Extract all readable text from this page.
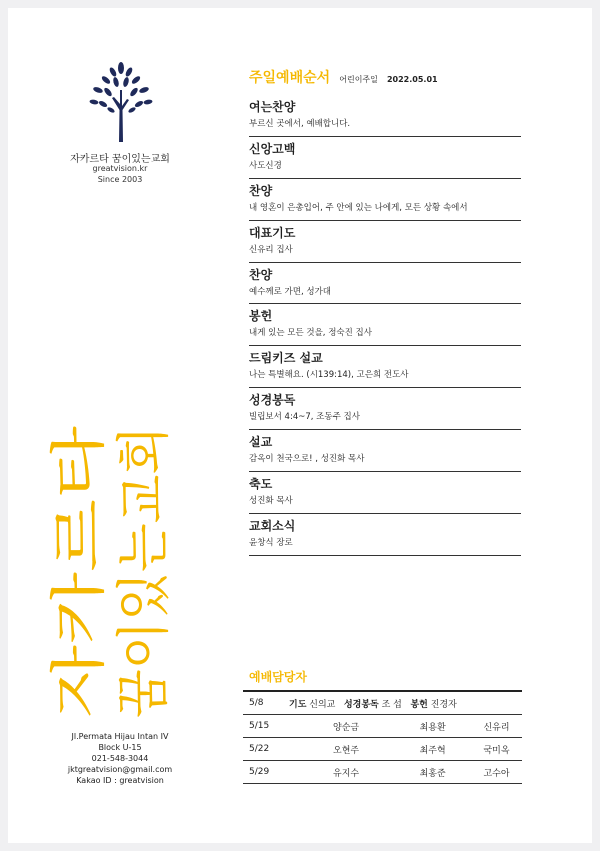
자카르타 꿈이있는교회
greatvision.kr
Since 2003
자카르타 꿈이있는교회
Jl.Permata Hijau Intan IV
Block U-15
021-548-3044
jktgreatvision@gmail.com
Kakao ID : greatvision
주일예배순서 어린이주일 2022.05.01
여는찬양
부르신 곳에서, 예배합니다.
신앙고백
사도신경
찬양
내 영혼이 은총입어, 주 안에 있는 나에게, 모든 상황 속에서
대표기도
신유리 집사
찬양
예수께로 가면, 성가대
봉헌
내게 있는 모든 것을, 정숙진 집사
드림키즈 설교
나는 특별해요. (시139:14), 고은희 전도사
성경봉독
빌립보서 4:4~7, 조동주 집사
설교
감옥이 천국으로! , 성진화 목사
축도
성진화 목사
교회소식
윤창식 장로
예배담당자
5/8	기도 신의교 성경봉독 조 섭 봉헌 진경자		
5/15	양순금	최용환	신유리
5/22	오현주	최주혁	국미옥
5/29	유지수	최홍준	고수아
